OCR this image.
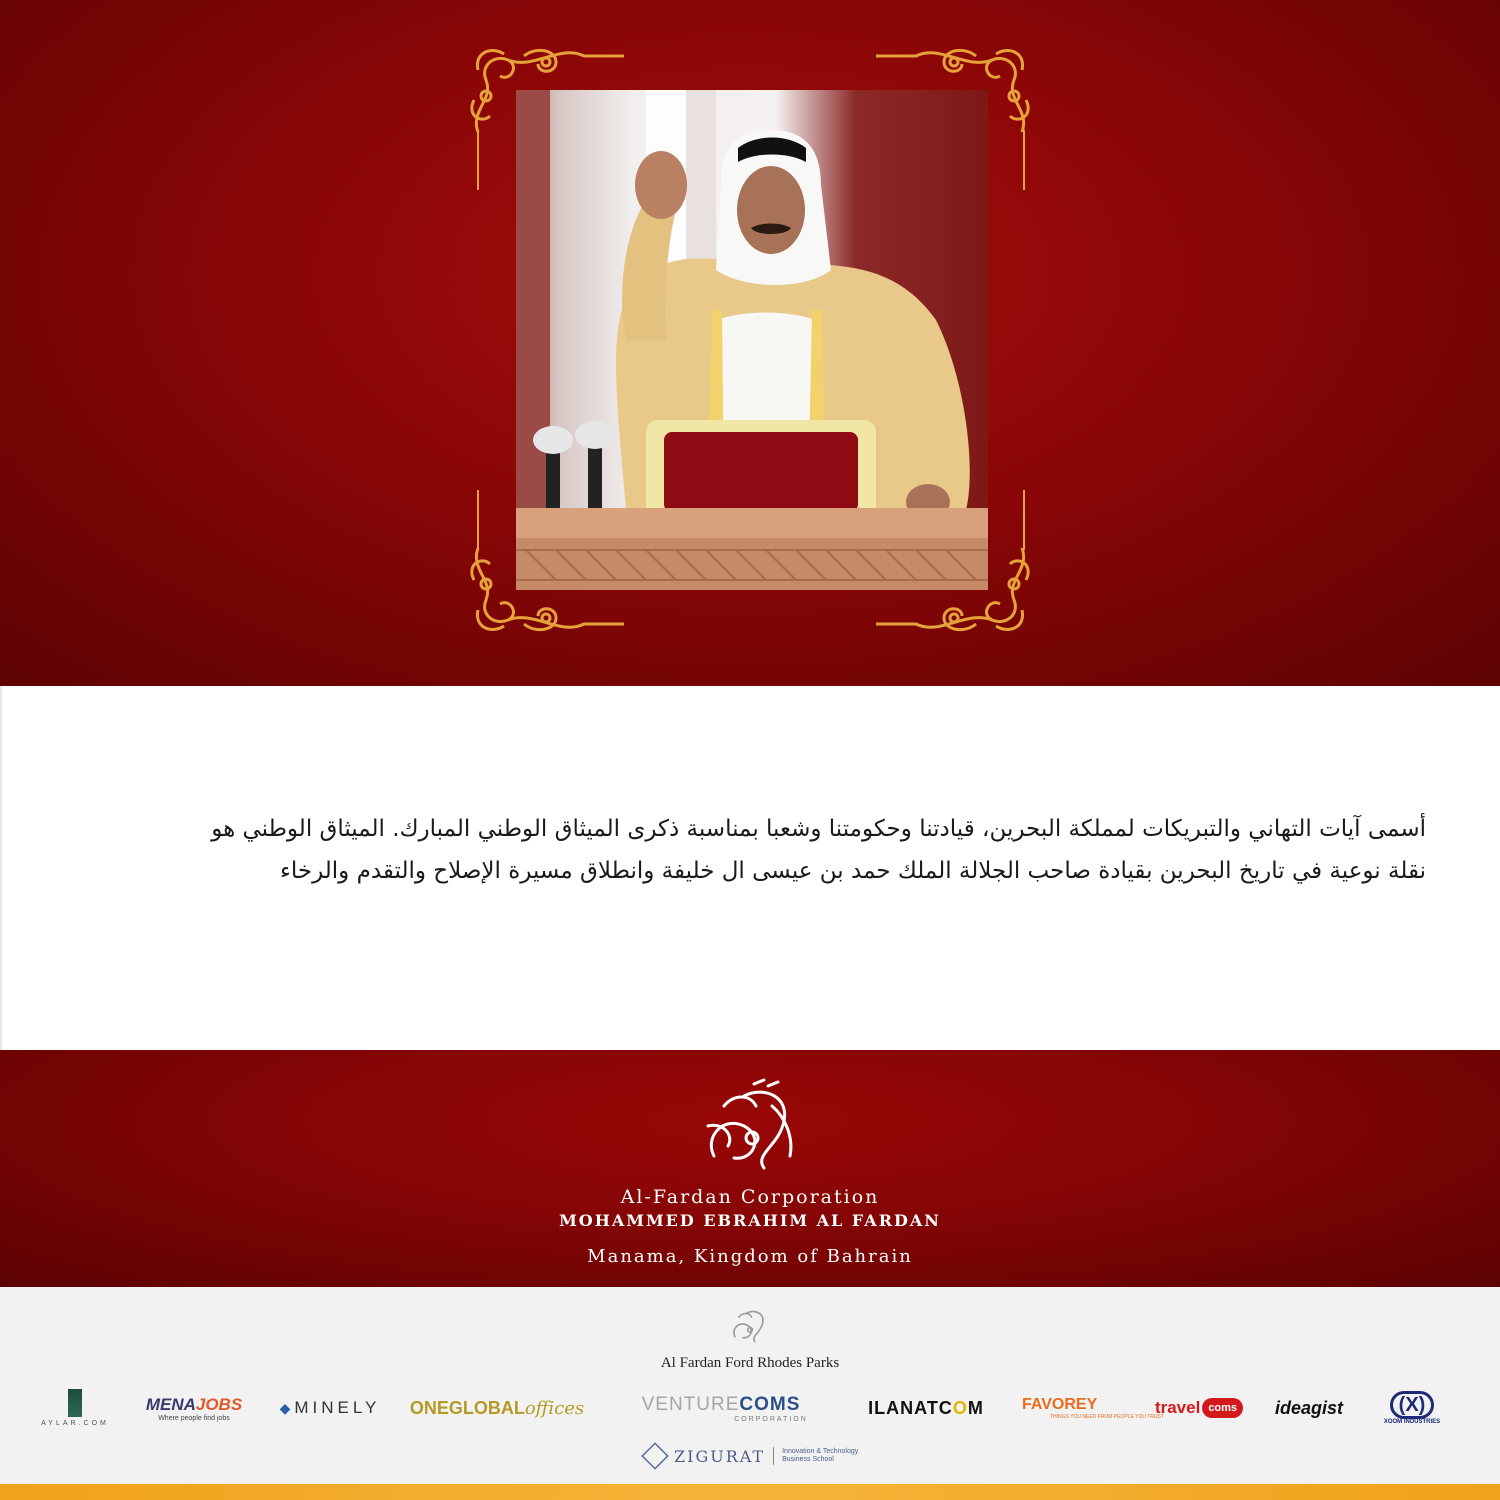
أسمى آيات التهاني والتبريكات لمملكة البحرين، قيادتنا وحكومتنا وشعبا بمناسبة ذكرى الميثاق الوطني المبارك. الميثاق الوطني هو
نقلة نوعية في تاريخ البحرين بقيادة صاحب الجلالة الملك حمد بن عيسى ال خليفة وانطلاق مسيرة الإصلاح والتقدم والرخاء

Al-Fardan Corporation
MOHAMMED EBRAHIM AL FARDAN
Manama, Kingdom of Bahrain
Al Fardan Ford Rhodes Parks
AYLAR.COM
MENAJOBS
Where people find jobs
◆ MINELY ONEGLOBAL offices	VENTURECOMS
CORPORATION
ILANATC O M FAVOREY
THINGS YOU NEED FROM PEOPLE YOU TRUST
travel coms	ideagist	(X)
XOOM INDUSTRIES
ZIGURAT Innovation & Technology
Business School
